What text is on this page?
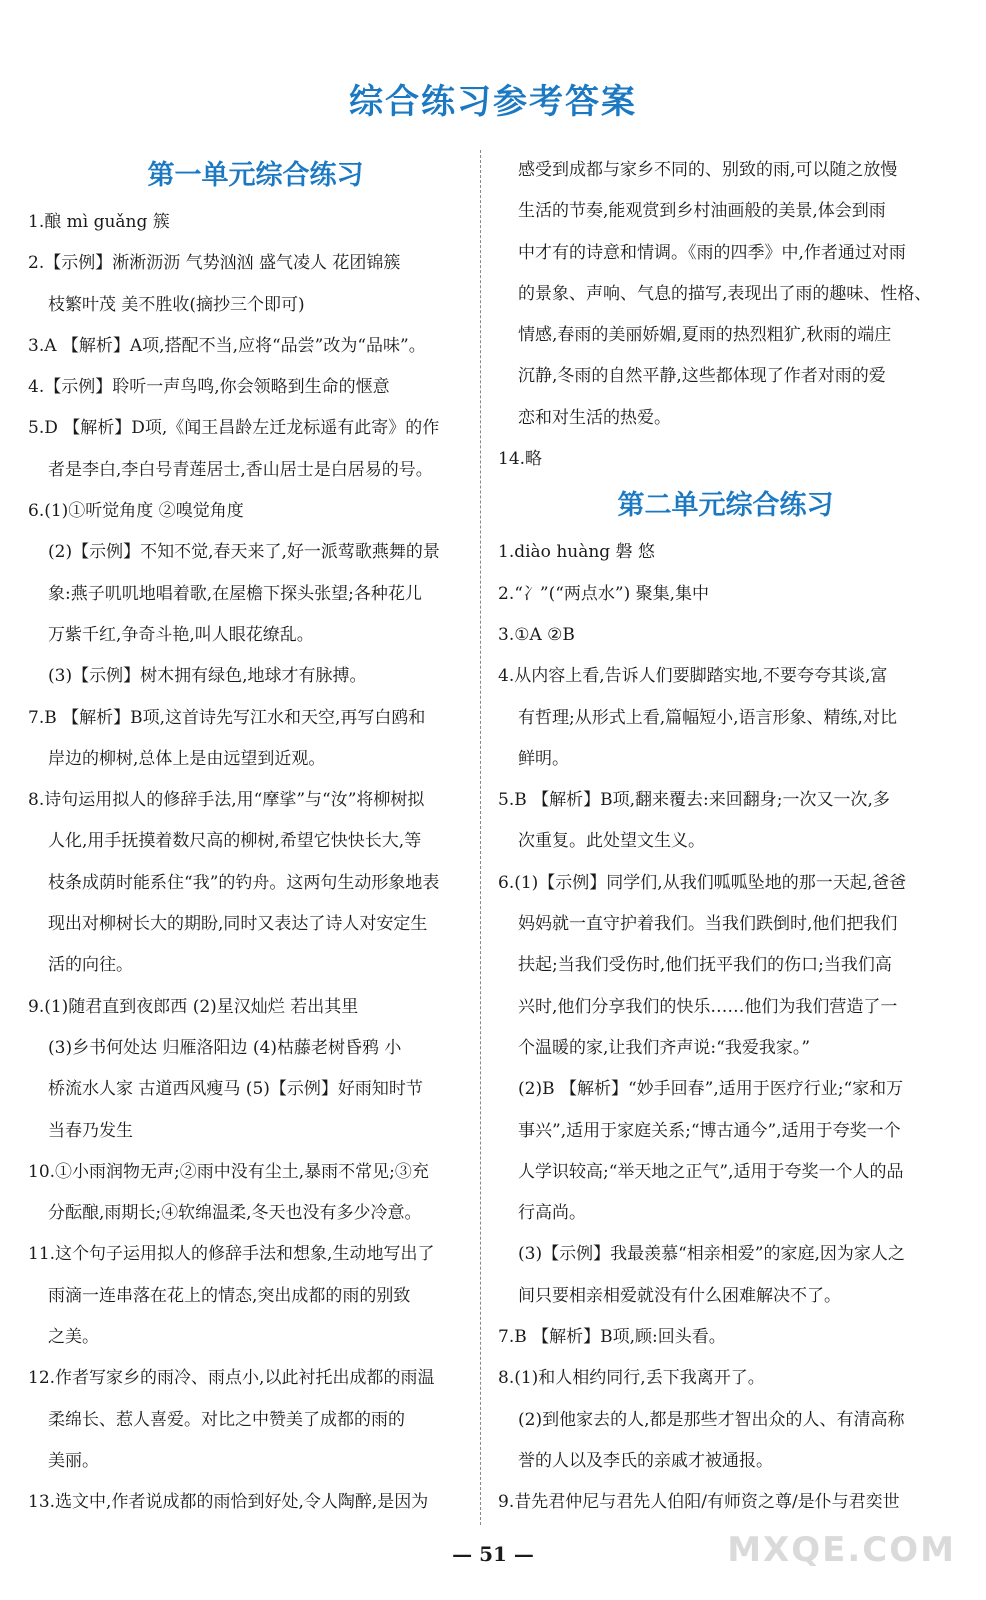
综合练习参考答案
第一单元综合练习

1.酿 mì guǎng 簇

2.【示例】淅淅沥沥 气势汹汹 盛气凌人 花团锦簇

枝繁叶茂 美不胜收(摘抄三个即可)

3.A 【解析】A项,搭配不当,应将“品尝”改为“品味”。

4.【示例】聆听一声鸟鸣,你会领略到生命的惬意

5.D 【解析】D项,《闻王昌龄左迁龙标遥有此寄》的作

者是李白,李白号青莲居士,香山居士是白居易的号。

6.(1)①听觉角度 ②嗅觉角度

(2)【示例】不知不觉,春天来了,好一派莺歌燕舞的景

象:燕子叽叽地唱着歌,在屋檐下探头张望;各种花儿

万紫千红,争奇斗艳,叫人眼花缭乱。

(3)【示例】树木拥有绿色,地球才有脉搏。

7.B 【解析】B项,这首诗先写江水和天空,再写白鸥和

岸边的柳树,总体上是由远望到近观。

8.诗句运用拟人的修辞手法,用“摩挲”与“汝”将柳树拟

人化,用手抚摸着数尺高的柳树,希望它快快长大,等

枝条成荫时能系住“我”的钓舟。这两句生动形象地表

现出对柳树长大的期盼,同时又表达了诗人对安定生

活的向往。

9.(1)随君直到夜郎西 (2)星汉灿烂 若出其里

(3)乡书何处达 归雁洛阳边 (4)枯藤老树昏鸦 小

桥流水人家 古道西风瘦马 (5)【示例】好雨知时节

当春乃发生

10.①小雨润物无声;②雨中没有尘土,暴雨不常见;③充

分酝酿,雨期长;④软绵温柔,冬天也没有多少冷意。

11.这个句子运用拟人的修辞手法和想象,生动地写出了

雨滴一连串落在花上的情态,突出成都的雨的别致

之美。

12.作者写家乡的雨冷、雨点小,以此衬托出成都的雨温

柔绵长、惹人喜爱。对比之中赞美了成都的雨的

美丽。

13.选文中,作者说成都的雨恰到好处,令人陶醉,是因为

感受到成都与家乡不同的、别致的雨,可以随之放慢

生活的节奏,能观赏到乡村油画般的美景,体会到雨

中才有的诗意和情调。《雨的四季》中,作者通过对雨

的景象、声响、气息的描写,表现出了雨的趣味、性格、

情感,春雨的美丽娇媚,夏雨的热烈粗犷,秋雨的端庄

沉静,冬雨的自然平静,这些都体现了作者对雨的爱

恋和对生活的热爱。

14.略

第二单元综合练习

1.diào huàng 磐 悠

2.“冫”(“两点水”) 聚集,集中

3.①A ②B

4.从内容上看,告诉人们要脚踏实地,不要夸夸其谈,富

有哲理;从形式上看,篇幅短小,语言形象、精练,对比

鲜明。

5.B 【解析】B项,翻来覆去:来回翻身;一次又一次,多

次重复。此处望文生义。

6.(1)【示例】同学们,从我们呱呱坠地的那一天起,爸爸

妈妈就一直守护着我们。当我们跌倒时,他们把我们

扶起;当我们受伤时,他们抚平我们的伤口;当我们高

兴时,他们分享我们的快乐……他们为我们营造了一

个温暖的家,让我们齐声说:“我爱我家。”

(2)B 【解析】“妙手回春”,适用于医疗行业;“家和万

事兴”,适用于家庭关系;“博古通今”,适用于夸奖一个

人学识较高;“举天地之正气”,适用于夸奖一个人的品

行高尚。

(3)【示例】我最羡慕“相亲相爱”的家庭,因为家人之

间只要相亲相爱就没有什么困难解决不了。

7.B 【解析】B项,顾:回头看。

8.(1)和人相约同行,丢下我离开了。

(2)到他家去的人,都是那些才智出众的人、有清高称

誉的人以及李氏的亲戚才被通报。

9.昔先君仲尼与君先人伯阳/有师资之尊/是仆与君奕世

— 51 —	MXQE.COM
